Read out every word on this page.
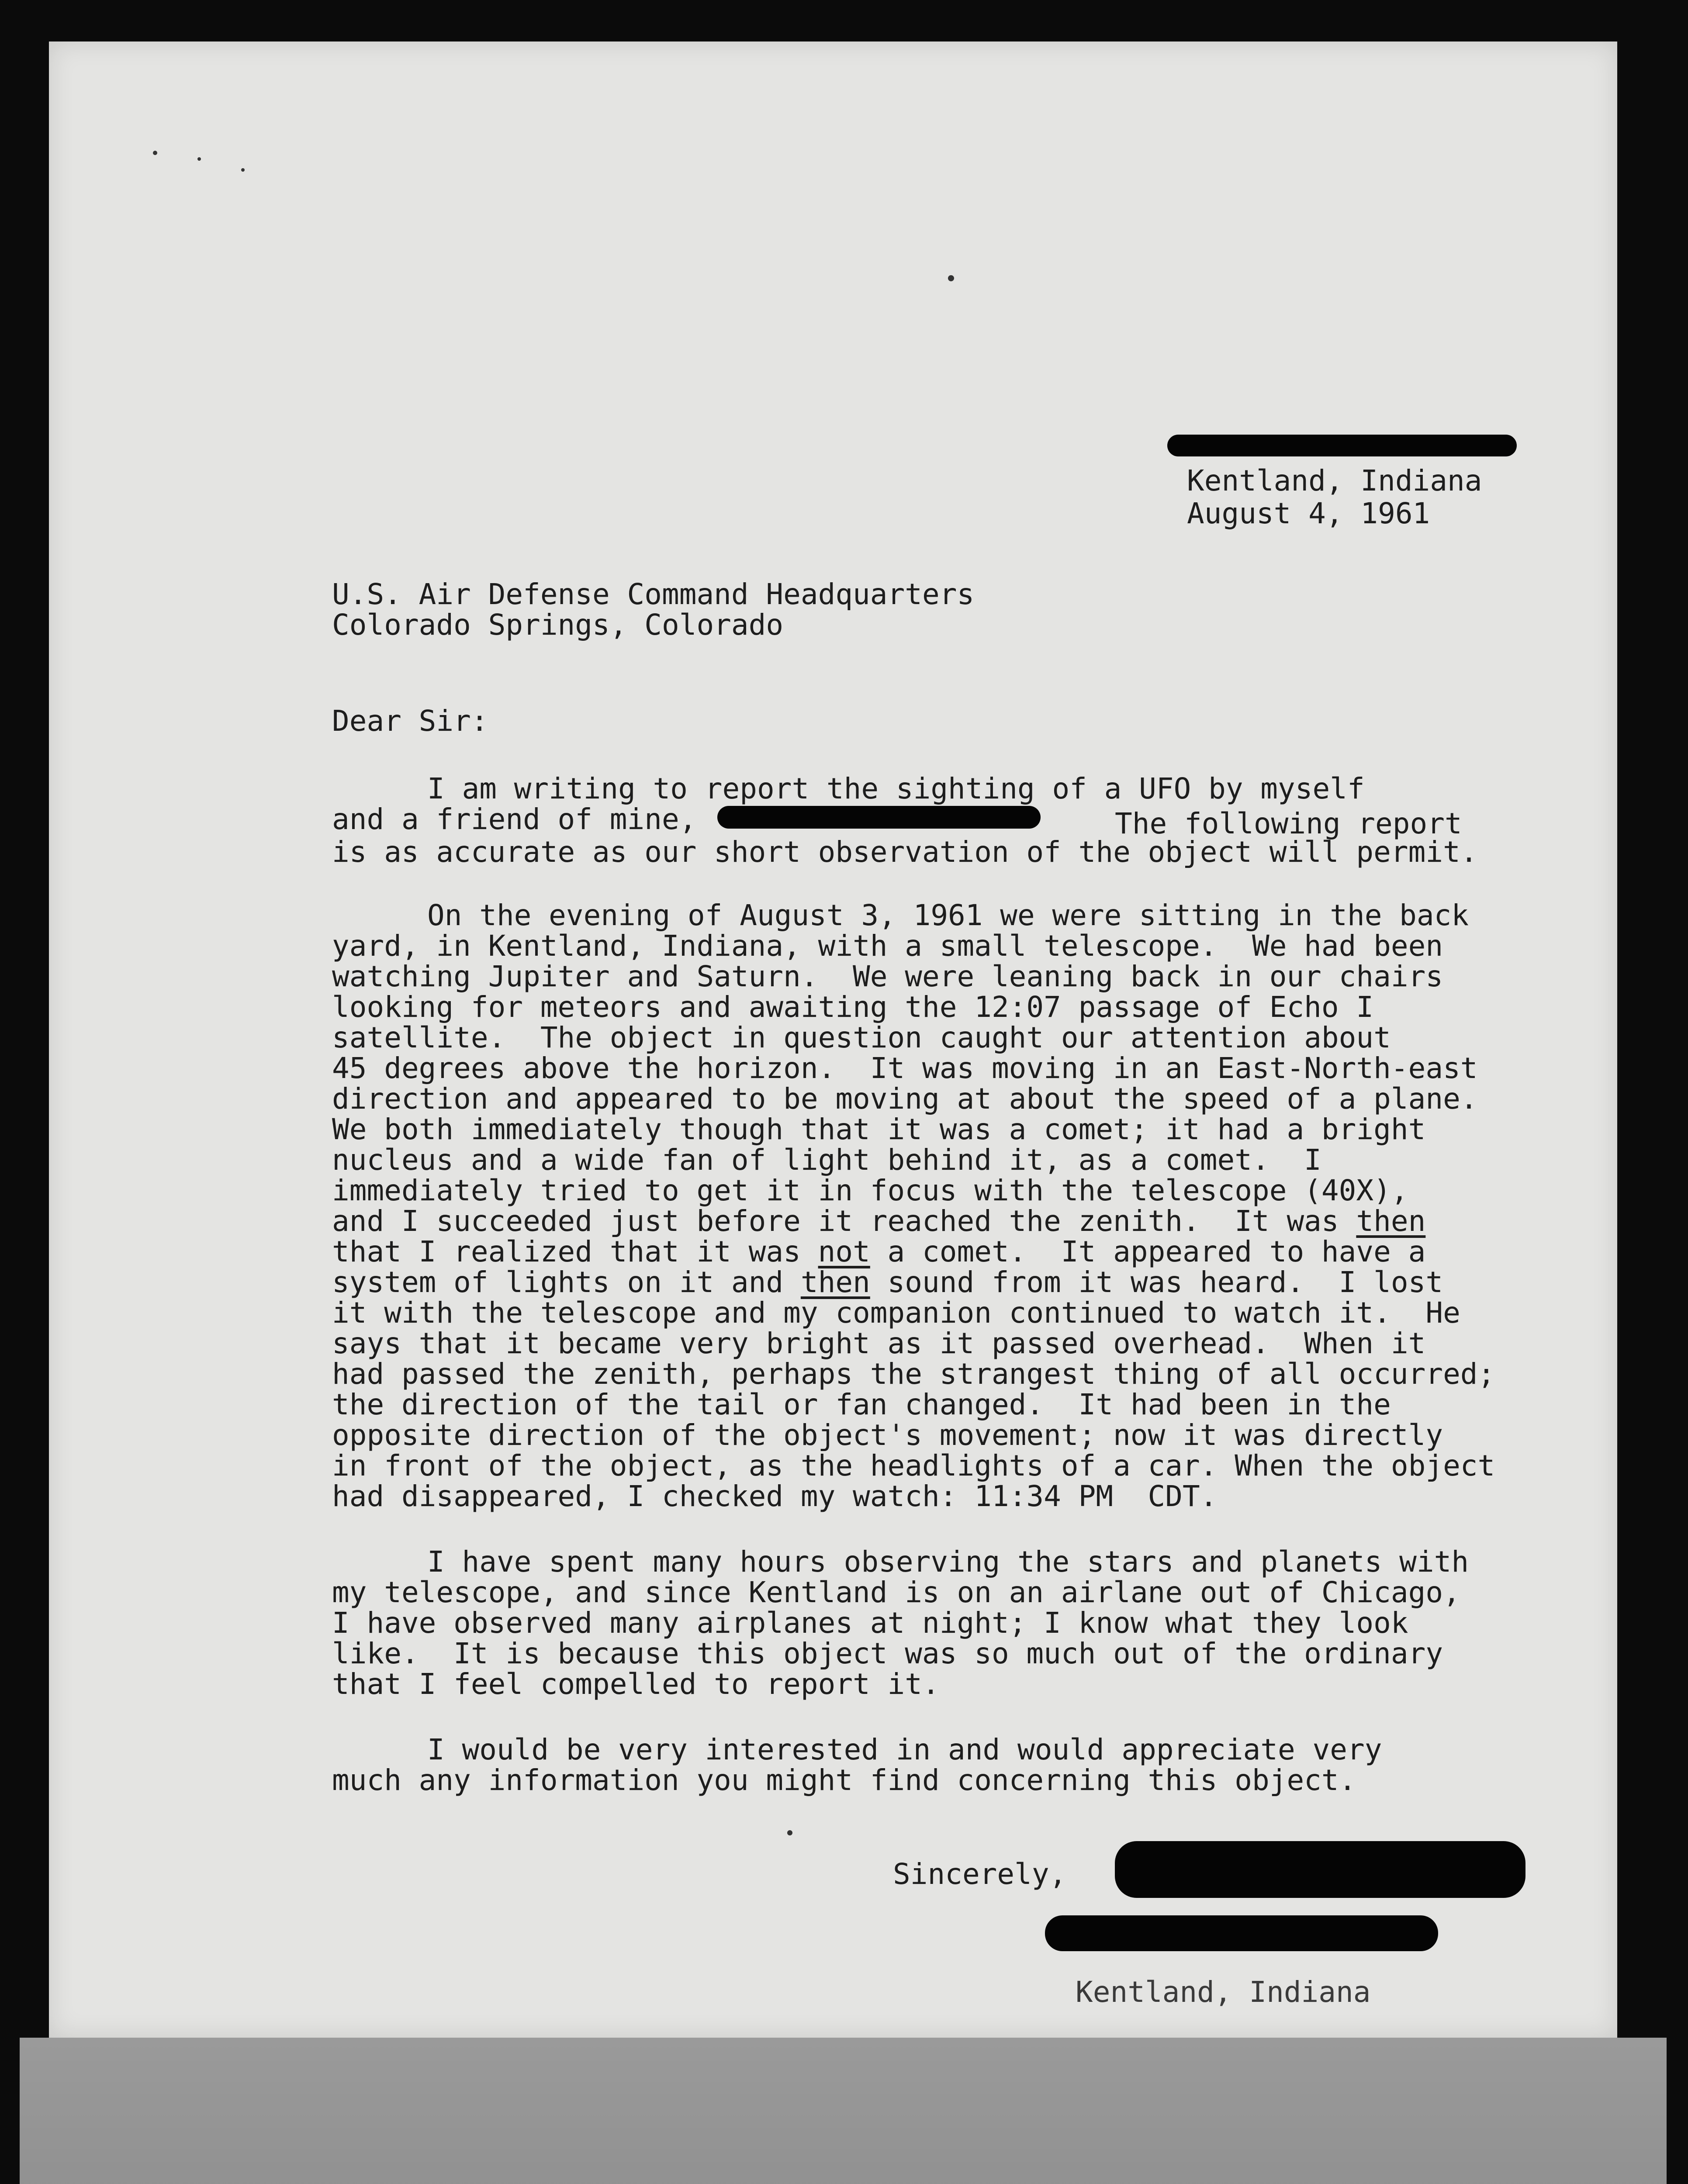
Kentland, Indiana
August 4, 1961
U.S. Air Defense Command Headquarters
Colorado Springs, Colorado
Dear Sir:
I am writing to report the sighting of a UFO by myself
and a friend of mine,	The following report
is as accurate as our short observation of the object will permit.
On the evening of August 3, 1961 we were sitting in the back
yard, in Kentland, Indiana, with a small telescope.  We had been
watching Jupiter and Saturn.  We were leaning back in our chairs
looking for meteors and awaiting the 12:07 passage of Echo I
satellite.  The object in question caught our attention about
45 degrees above the horizon.  It was moving in an East-North-east
direction and appeared to be moving at about the speed of a plane.
We both immediately though that it was a comet; it had a bright
nucleus and a wide fan of light behind it, as a comet.  I
immediately tried to get it in focus with the telescope (40X),
and I succeeded just before it reached the zenith.  It was then
that I realized that it was not a comet.  It appeared to have a
system of lights on it and then sound from it was heard.  I lost
it with the telescope and my companion continued to watch it.  He
says that it became very bright as it passed overhead.  When it
had passed the zenith, perhaps the strangest thing of all occurred;
the direction of the tail or fan changed.  It had been in the
opposite direction of the object's movement; now it was directly
in front of the object, as the headlights of a car. When the object
had disappeared, I checked my watch: 11:34 PM  CDT.
I have spent many hours observing the stars and planets with
my telescope, and since Kentland is on an airlane out of Chicago,
I have observed many airplanes at night; I know what they look
like.  It is because this object was so much out of the ordinary
that I feel compelled to report it.
I would be very interested in and would appreciate very
much any information you might find concerning this object.
Sincerely,
Kentland, Indiana
